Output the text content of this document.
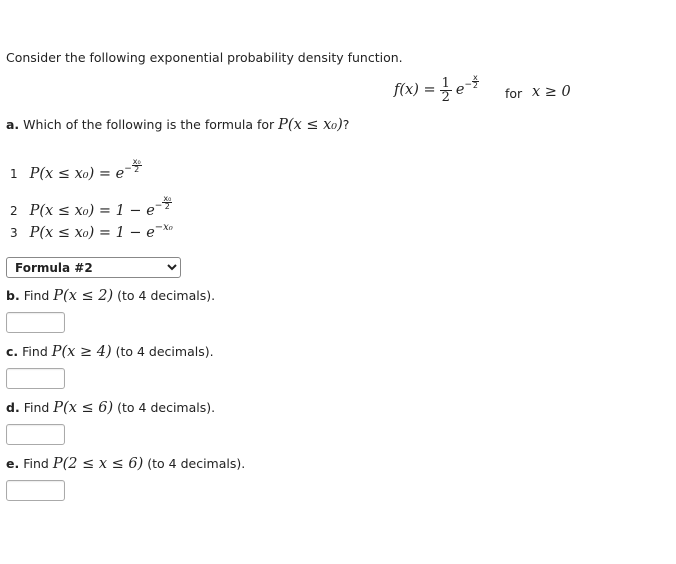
Consider the following exponential probability density function.
$f(x) = \frac{1}{2} e^- \frac{x}{2}$
for x ≥ 0
a. Which of the following is the formula for P(x ≤ x₀)?
1 $P(x \le x_0) = e^- \frac{\text{x₀}}{2}$
2 $P(x \le x_0) = 1 - e^- \frac{\text{x₀}}{2}$
3 $P(x \le x_0) = 1 - e^{-x_0}$
Formula #2
b. Find P(x ≤ 2) (to 4 decimals).
c. Find P(x ≥ 4) (to 4 decimals).
d. Find P(x ≤ 6) (to 4 decimals).
e. Find P(2 ≤ x ≤ 6) (to 4 decimals).
